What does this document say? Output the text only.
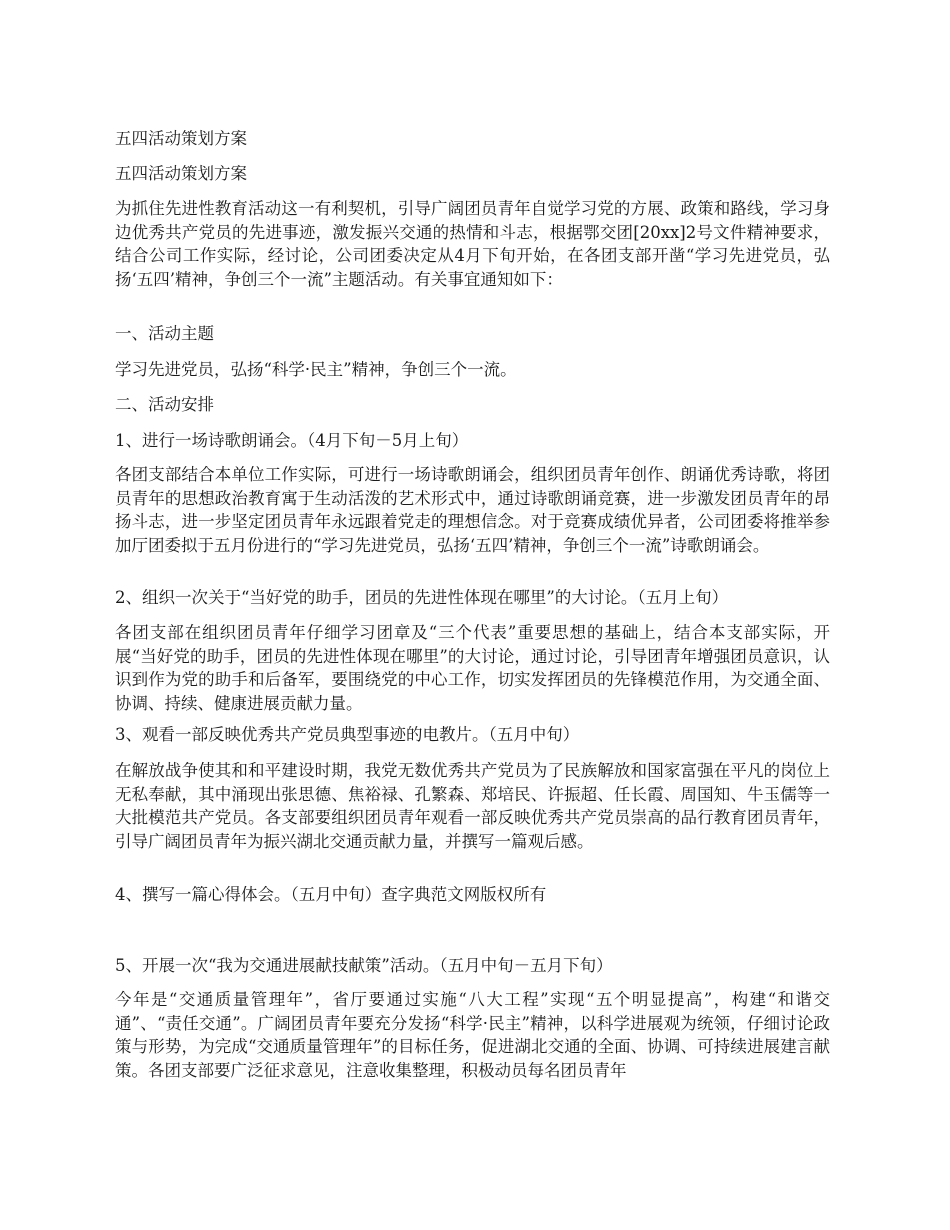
五四活动策划方案
五四活动策划方案
为抓住先进性教育活动这一有利契机，引导广阔团员青年自觉学习党的方展、政策和路线，学习身边优秀共产党员的先进事迹，激发振兴交通的热情和斗志，根据鄂交团[20xx]2号文件精神要求，结合公司工作实际，经讨论，公司团委决定从4月下旬开始，在各团支部开凿“学习先进党员，弘扬‘五四’精神，争创三个一流”主题活动。有关事宜通知如下：
一、活动主题
学习先进党员，弘扬“科学·民主”精神，争创三个一流。
二、活动安排
1、进行一场诗歌朗诵会。（4月下旬－5月上旬）
各团支部结合本单位工作实际，可进行一场诗歌朗诵会，组织团员青年创作、朗诵优秀诗歌，将团员青年的思想政治教育寓于生动活泼的艺术形式中，通过诗歌朗诵竞赛，进一步激发团员青年的昂扬斗志，进一步坚定团员青年永远跟着党走的理想信念。对于竞赛成绩优异者，公司团委将推举参加厅团委拟于五月份进行的“学习先进党员，弘扬‘五四’精神，争创三个一流”诗歌朗诵会。
2、组织一次关于“当好党的助手，团员的先进性体现在哪里”的大讨论。（五月上旬）
各团支部在组织团员青年仔细学习团章及“三个代表”重要思想的基础上，结合本支部实际，开展“当好党的助手，团员的先进性体现在哪里”的大讨论，通过讨论，引导团青年增强团员意识，认识到作为党的助手和后备军，要围绕党的中心工作，切实发挥团员的先锋模范作用，为交通全面、协调、持续、健康进展贡献力量。
3、观看一部反映优秀共产党员典型事迹的电教片。（五月中旬）
在解放战争使其和和平建设时期，我党无数优秀共产党员为了民族解放和国家富强在平凡的岗位上无私奉献，其中涌现出张思德、焦裕禄、孔繁森、郑培民、许振超、任长霞、周国知、牛玉儒等一大批模范共产党员。各支部要组织团员青年观看一部反映优秀共产党员崇高的品行教育团员青年，引导广阔团员青年为振兴湖北交通贡献力量，并撰写一篇观后感。
4、撰写一篇心得体会。（五月中旬）查字典范文网版权所有
5、开展一次“我为交通进展献技献策”活动。（五月中旬－五月下旬）
今年是“交通质量管理年”，省厅要通过实施“八大工程”实现“五个明显提高”，构建“和谐交通”、“责任交通”。广阔团员青年要充分发扬“科学·民主”精神，以科学进展观为统领，仔细讨论政策与形势，为完成“交通质量管理年”的目标任务，促进湖北交通的全面、协调、可持续进展建言献策。各团支部要广泛征求意见，注意收集整理，积极动员每名团员青年
